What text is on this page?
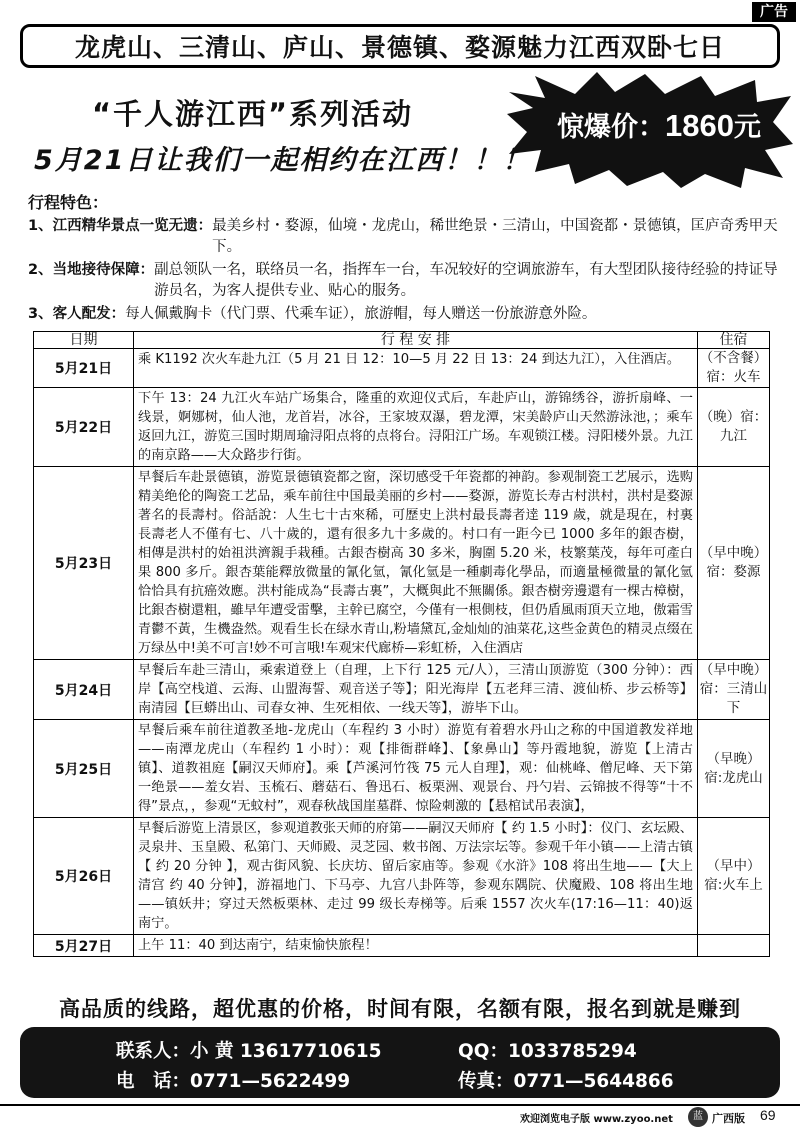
广告
龙虎山、三清山、庐山、景德镇、婺源魅力江西双卧七日
“千人游江西”系列活动
5月21日让我们一起相约在江西！！！
惊爆价：1860元
行程特色：
1、江西精华景点一览无遗： 最美乡村・婺源，仙境・龙虎山，稀世绝景・三清山，中国瓷都・景德镇，匡庐奇秀甲天下。
2、当地接待保障： 副总领队一名，联络员一名，指挥车一台，车况较好的空调旅游车，有大型团队接待经验的持证导游员名，为客人提供专业、贴心的服务。
3、客人配发： 每人佩戴胸卡（代门票、代乘车证），旅游帽，每人赠送一份旅游意外险。
日期	行 程 安 排	住宿
5月21日	乘 K1192 次火车赴九江（5 月 21 日 12：10—5 月 22 日 13：24 到达九江），入住酒店。	（不含餐）宿：火车
5月22日	下午 13：24 九江火车站广场集合，隆重的欢迎仪式后，车赴庐山，游锦绣谷，游折扇峰、一线景，婀娜树，仙人池，龙首岩，冰谷，王家坡双瀑，碧龙潭，宋美龄庐山天然游泳池，；乘车返回九江，游览三国时期周瑜浔阳点将的点将台。浔阳江广场。车观锁江楼。浔阳楼外景。九江的南京路——大众路步行街。	（晚）宿：九江
5月23日	早餐后车赴景德镇，游览景德镇瓷都之窗，深切感受千年瓷都的神韵。参观制瓷工艺展示，选购精美绝伦的陶瓷工艺品，乘车前往中国最美丽的乡村——婺源，游览长寿古村洪村，洪村是婺源著名的長壽村。俗話說：人生七十古來稀，可歷史上洪村最長壽者逹 119 歲，就是現在，村裏長壽老人不僅有七、八十歲的，還有很多九十多歲的。村口有一距今已 1000 多年的銀杏樹，相傳是洪村的始祖洪濟親手栽種。古銀杏樹高 30 多米，胸圍 5.20 米，枝繁葉茂，每年可產白果 800 多斤。銀杏葉能釋放微量的氰化氫，氰化氫是一種劇毒化學品，而適量極微量的氰化氫恰恰具有抗癌效應。洪村能成為“長壽古裏”，大概與此不無關係。銀杏樹旁邊還有一棵古樟樹，比銀杏樹還粗，雖早年遭受雷擊，主幹已腐空，今僅有一根側枝，但仍盾風雨頂天立地，傲霜雪青鬱不黃，生機盎然。观看生长在绿水青山,粉墙黛瓦,金灿灿的油菜花,这些金黄色的精灵点缀在万绿丛中!美不可言!妙不可言哦!车观宋代廊桥—彩虹桥，入住酒店	（早中晚）宿：婺源
5月24日	早餐后车赴三清山，乘索道登上（自理，上下行 125 元/人），三清山顶游览（300 分钟）：西岸【高空栈道、云海、山盟海誓、观音送子等】；阳光海岸【五老拜三清、渡仙桥、步云桥等】南清园【巨蟒出山、司春女神、生死相依、一线天等】，游毕下山。	（早中晚）宿：三清山下
5月25日	早餐后乘车前往道教圣地-龙虎山（车程约 3 小时）游览有着碧水丹山之称的中国道教发祥地——南潭龙虎山（车程约 1 小时）：观【排衙群峰】、【象鼻山】等丹霞地貌，游览【上清古镇】、道教祖庭【嗣汉天师府】。乘【芦溪河竹筏 75 元人自理】，观：仙桃峰、僧尼峰、天下第一绝景——羞女岩、玉梳石、蘑菇石、鲁迅石、板栗洲、观景台、丹勺岩、云锦披不得等“十不得”景点，，参观“无蚊村”，观春秋战国崖墓群、惊险刺激的【悬棺试吊表演】，	（早晚）宿:龙虎山
5月26日	早餐后游览上清景区，参观道教张天师的府第——嗣汉天师府【 约 1.5 小时】：仪门、玄坛殿、灵泉井、玉皇殿、私第门、天师殿、灵芝园、敕书阁、万法宗坛等。参观千年小镇——上清古镇【 约 20 分钟 】，观古街风貌、长庆坊、留后家庙等。参观《水浒》108 将出生地——【大上清宫 约 40 分钟】，游福地门、下马亭、九宫八卦阵等，参观东隅院、伏魔殿、108 将出生地——镇妖井；穿过天然板栗林、走过 99 级长寿梯等。后乘 1557 次火车(17:16—11：40)返南宁。	（早中）宿:火车上
5月27日	上午 11：40 到达南宁，结束愉快旅程！	
高品质的线路，超优惠的价格，时间有限，名额有限，报名到就是赚到
联系人：小 黄 13617710615	QQ：1033785294
电　话：0771—5622499	传真：0771—5644866
欢迎浏览电子版 www.zyoo.net	蓝 广西版 69
